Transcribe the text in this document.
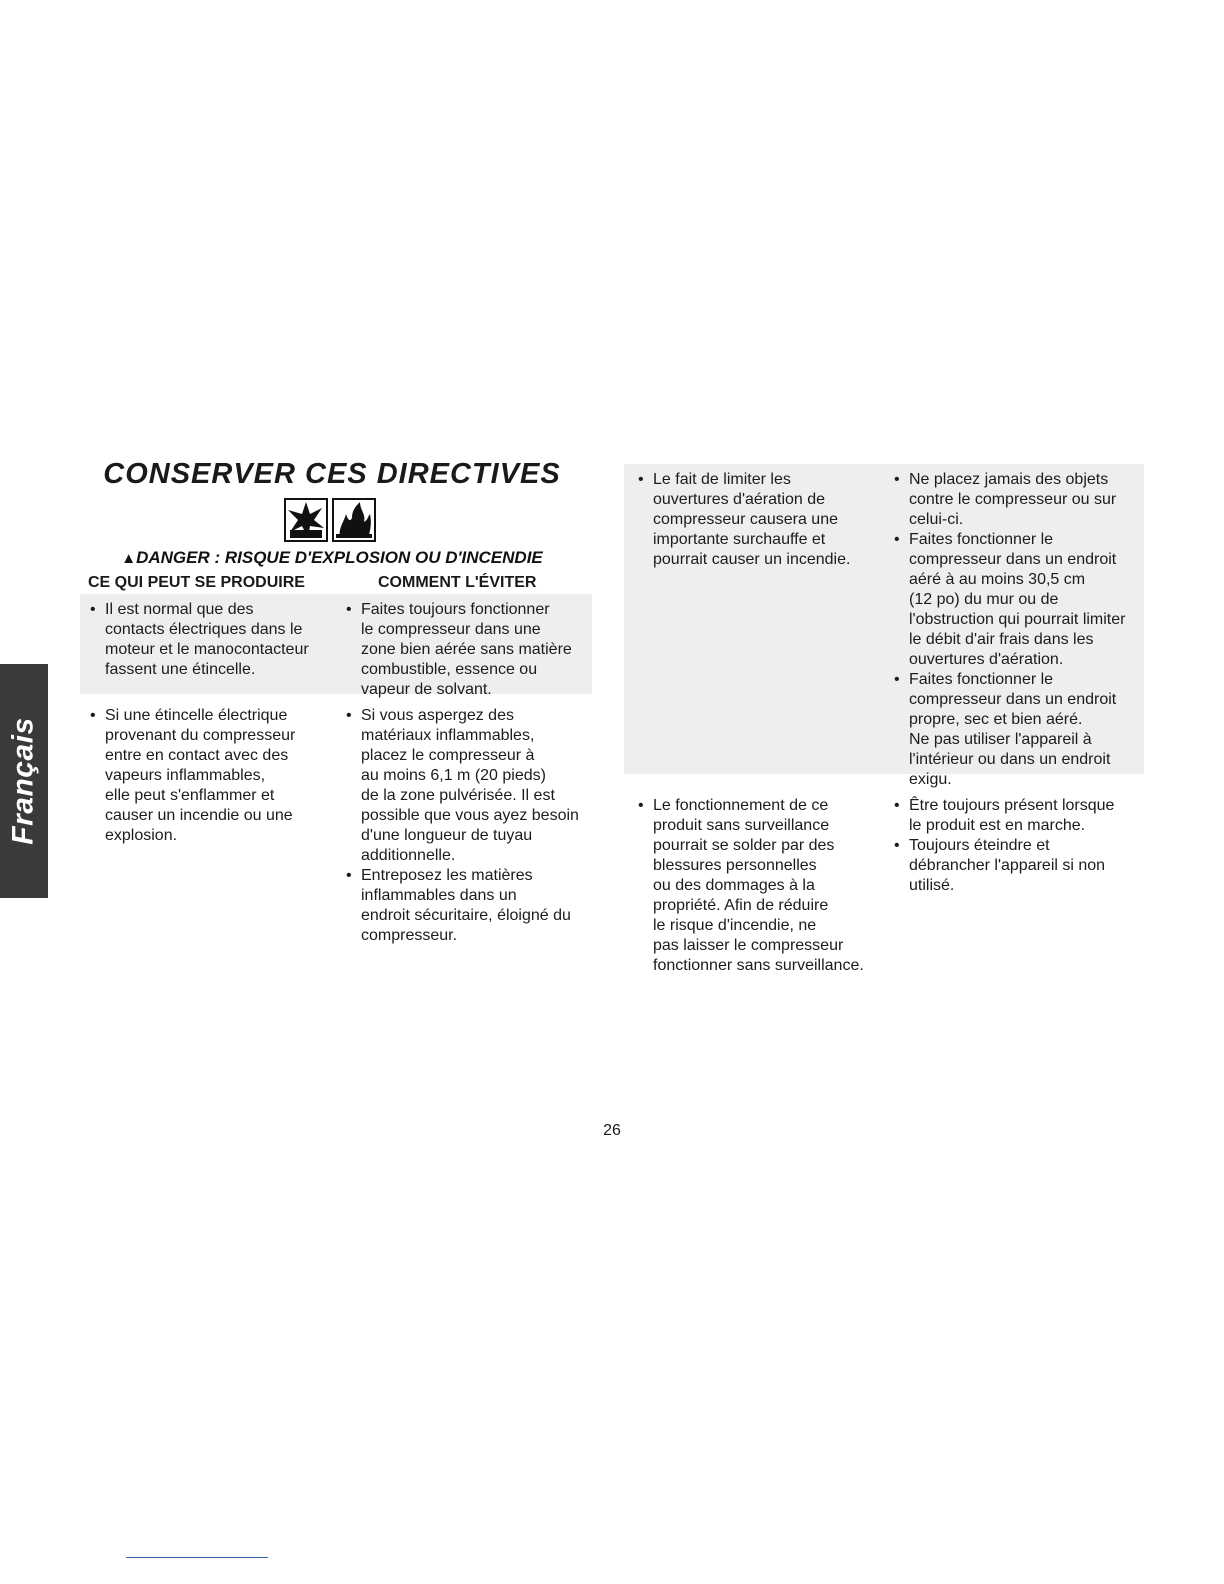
Français
CONSERVER CES DIRECTIVES
▲DANGER : RISQUE D'EXPLOSION OU D'INCENDIE
CE QUI PEUT SE PRODUIRE	COMMENT L'ÉVITER
• Il est normal que des
contacts électriques dans le
moteur et le manocontacteur
fassent une étincelle.
• Faites toujours fonctionner
le compresseur dans une
zone bien aérée sans matière
combustible, essence ou
vapeur de solvant.
• Si une étincelle électrique
provenant du compresseur
entre en contact avec des
vapeurs inflammables,
elle peut s'enflammer et
causer un incendie ou une
explosion.
• Si vous aspergez des
matériaux inflammables,
placez le compresseur à
au moins 6,1 m (20 pieds)
de la zone pulvérisée. Il est
possible que vous ayez besoin
d'une longueur de tuyau
additionnelle.
• Entreposez les matières
inflammables dans un
endroit sécuritaire, éloigné du
compresseur.
• Le fait de limiter les
ouvertures d'aération de
compresseur causera une
importante surchauffe et
pourrait causer un incendie.
• Ne placez jamais des objets
contre le compresseur ou sur
celui-ci.
• Faites fonctionner le
compresseur dans un endroit
aéré à au moins 30,5 cm
(12 po) du mur ou de
l'obstruction qui pourrait limiter
le débit d'air frais dans les
ouvertures d'aération.
• Faites fonctionner le
compresseur dans un endroit
propre, sec et bien aéré.
Ne pas utiliser l'appareil à
l'intérieur ou dans un endroit
exigu.
• Le fonctionnement de ce
produit sans surveillance
pourrait se solder par des
blessures personnelles
ou des dommages à la
propriété. Afin de réduire
le risque d'incendie, ne
pas laisser le compresseur
fonctionner sans surveillance.
• Être toujours présent lorsque
le produit est en marche.
• Toujours éteindre et
débrancher l'appareil si non
utilisé.
26
